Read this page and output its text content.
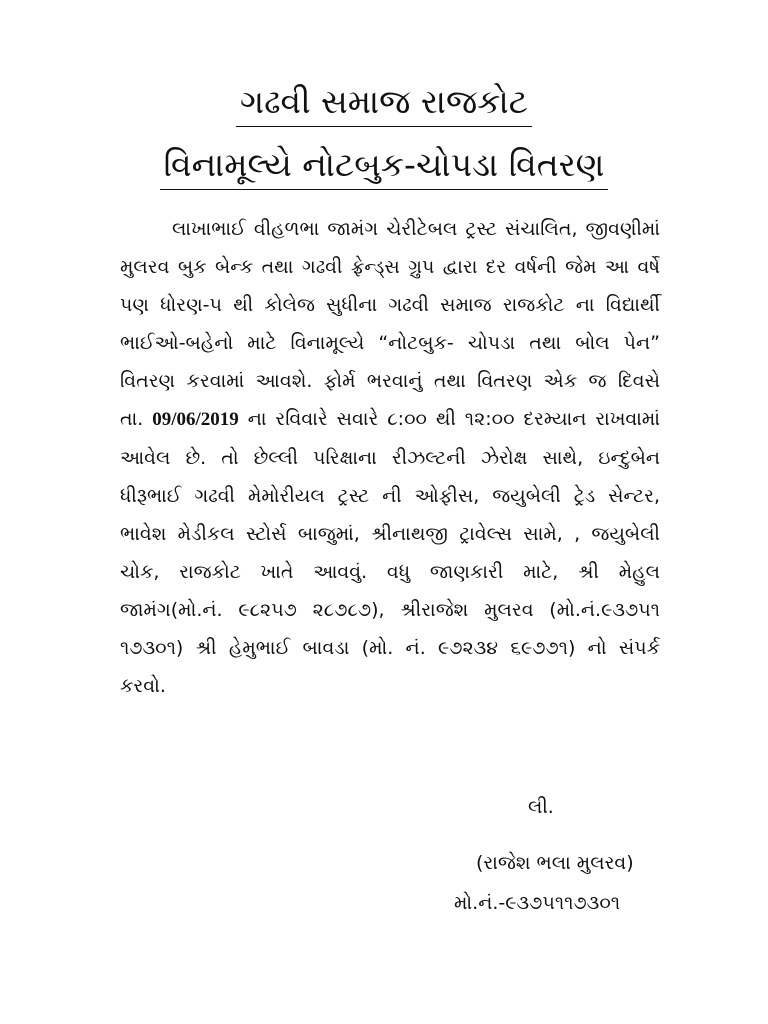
ગઢવી સમાજ રાજકોટ
વિનામૂલ્યે નોટબુક-ચોપડા વિતરણ
લાખાભાઈ વીહળભા જામંગ ચેરીટેબલ ટ્રસ્ટ સંચાલિત, જીવણીમાં મુલરવ બુક બેન્ક તથા ગઢવી ફ્રેન્ડ્સ ગ્રુપ દ્વારા દર વર્ષની જેમ આ વર્ષે પણ ધોરણ-૫ થી કોલેજ સુધીના ગઢવી સમાજ રાજકોટ ના વિદ્યાર્થી ભાઈઓ-બહેનો માટે વિનામૂલ્યે “નોટબુક- ચોપડા તથા બોલ પેન” વિતરણ કરવામાં આવશે. ફોર્મ ભરવાનું તથા વિતરણ એક જ દિવસે તા. 09/06/2019 ના રવિવારે સવારે ૮:૦૦ થી ૧૨:૦૦ દરમ્યાન રાખવામાં આવેલ છે. તો છેલ્લી પરિક્ષાના રીઝલ્ટની ઝેરોક્ષ સાથે, ઇન્દુબેન ધીરૂભાઈ ગઢવી મેમોરીયલ ટ્રસ્ટ ની ઓફીસ, જયુબેલી ટ્રેડ સેન્ટર, ભાવેશ મેડીકલ સ્ટોર્સ બાજુમાં, શ્રીનાથજી ટ્રાવેલ્સ સામે, , જયુબેલી ચોક, રાજકોટ ખાતે આવવું. વધુ જાણકારી માટે, શ્રી મેહુલ જામંગ(મો.નં. ૯૮૨૫૭ ૨૮૭૮૭), શ્રીરાજેશ મુલરવ (મો.નં.૯૩૭૫૧ ૧૭૩૦૧) શ્રી હેમુભાઈ બાવડા (મો. નં. ૯૭૨૩૪ ૬૯૭૭૧) નો સંપર્ક કરવો.
લી.
(રાજેશ ભલા મુલરવ)
મો.નં.-૯૩૭૫૧૧૭૩૦૧
